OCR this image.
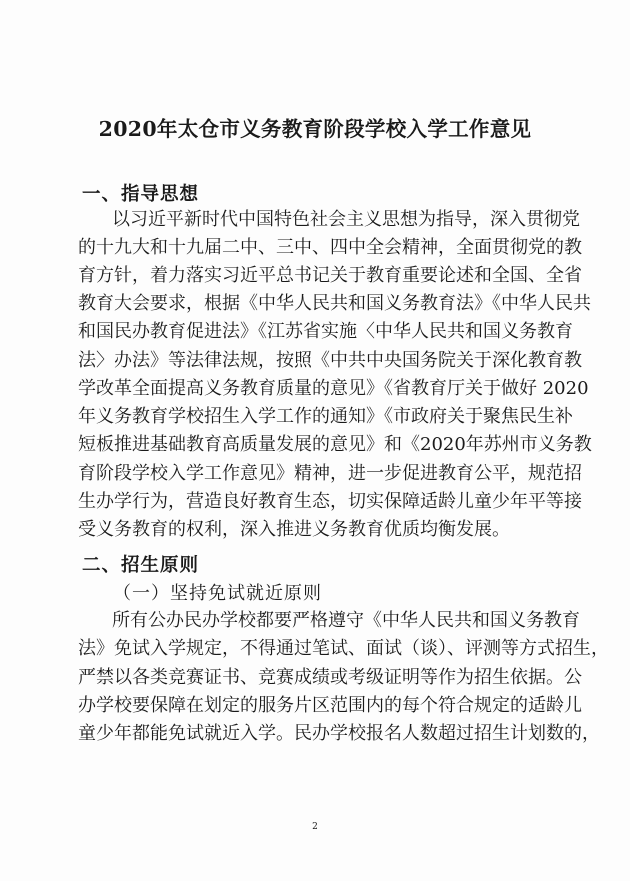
2020年太仓市义务教育阶段学校入学工作意见
一、指导思想
以习近平新时代中国特色社会主义思想为指导，深入贯彻党
的十九大和十九届二中、三中、四中全会精神，全面贯彻党的教
育方针，着力落实习近平总书记关于教育重要论述和全国、全省
教育大会要求，根据《中华人民共和国义务教育法》《中华人民共
和国民办教育促进法》《江苏省实施〈中华人民共和国义务教育
法〉办法》等法律法规，按照《中共中央国务院关于深化教育教
学改革全面提高义务教育质量的意见》《省教育厅关于做好 2020
年义务教育学校招生入学工作的通知》《市政府关于聚焦民生补
短板推进基础教育高质量发展的意见》和《2020年苏州市义务教
育阶段学校入学工作意见》精神，进一步促进教育公平，规范招
生办学行为，营造良好教育生态，切实保障适龄儿童少年平等接
受义务教育的权利，深入推进义务教育优质均衡发展。
二、招生原则
（一）坚持免试就近原则
所有公办民办学校都要严格遵守《中华人民共和国义务教育
法》免试入学规定，不得通过笔试、面试（谈）、评测等方式招生，
严禁以各类竞赛证书、竞赛成绩或考级证明等作为招生依据。公
办学校要保障在划定的服务片区范围内的每个符合规定的适龄儿
童少年都能免试就近入学。民办学校报名人数超过招生计划数的，
2
